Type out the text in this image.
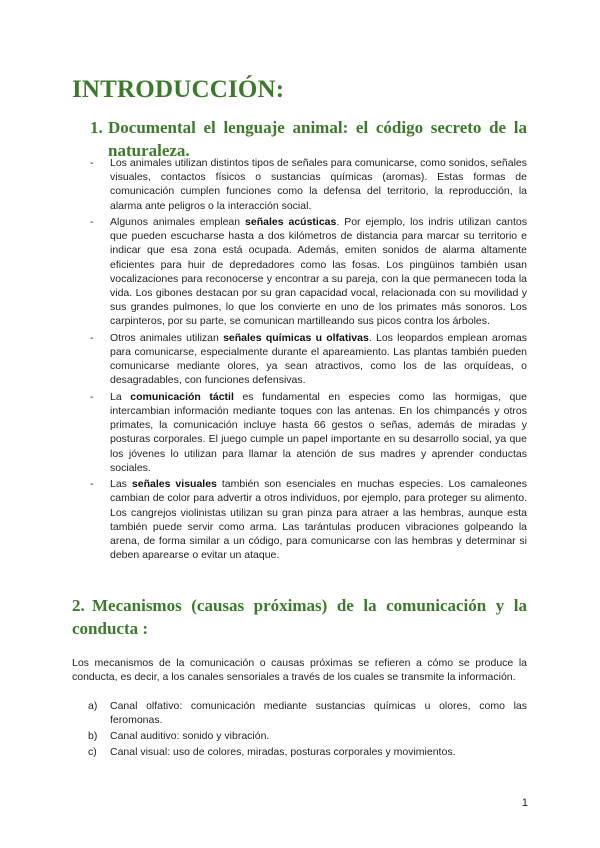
INTRODUCCIÓN:
1. Documental el lenguaje animal: el código secreto de la naturaleza.
- Los animales utilizan distintos tipos de señales para comunicarse, como sonidos, señales visuales, contactos físicos o sustancias químicas (aromas). Estas formas de comunicación cumplen funciones como la defensa del territorio, la reproducción, la alarma ante peligros o la interacción social.
- Algunos animales emplean señales acústicas. Por ejemplo, los indris utilizan cantos que pueden escucharse hasta a dos kilómetros de distancia para marcar su territorio e indicar que esa zona está ocupada. Además, emiten sonidos de alarma altamente eficientes para huir de depredadores como las fosas. Los pingüinos también usan vocalizaciones para reconocerse y encontrar a su pareja, con la que permanecen toda la vida. Los gibones destacan por su gran capacidad vocal, relacionada con su movilidad y sus grandes pulmones, lo que los convierte en uno de los primates más sonoros. Los carpinteros, por su parte, se comunican martilleando sus picos contra los árboles.
- Otros animales utilizan señales químicas u olfativas. Los leopardos emplean aromas para comunicarse, especialmente durante el apareamiento. Las plantas también pueden comunicarse mediante olores, ya sean atractivos, como los de las orquídeas, o desagradables, con funciones defensivas.
- La comunicación táctil es fundamental en especies como las hormigas, que intercambian información mediante toques con las antenas. En los chimpancés y otros primates, la comunicación incluye hasta 66 gestos o señas, además de miradas y posturas corporales. El juego cumple un papel importante en su desarrollo social, ya que los jóvenes lo utilizan para llamar la atención de sus madres y aprender conductas sociales.
- Las señales visuales también son esenciales en muchas especies. Los camaleones cambian de color para advertir a otros individuos, por ejemplo, para proteger su alimento. Los cangrejos violinistas utilizan su gran pinza para atraer a las hembras, aunque esta también puede servir como arma. Las tarántulas producen vibraciones golpeando la arena, de forma similar a un código, para comunicarse con las hembras y determinar si deben aparearse o evitar un ataque.
2. Mecanismos (causas próximas) de la comunicación y la conducta :

Los mecanismos de la comunicación o causas próximas se refieren a cómo se produce la conducta, es decir, a los canales sensoriales a través de los cuales se transmite la información.

a) Canal olfativo: comunicación mediante sustancias químicas u olores, como las feromonas.
b) Canal auditivo: sonido y vibración.
c) Canal visual: uso de colores, miradas, posturas corporales y movimientos.
1
